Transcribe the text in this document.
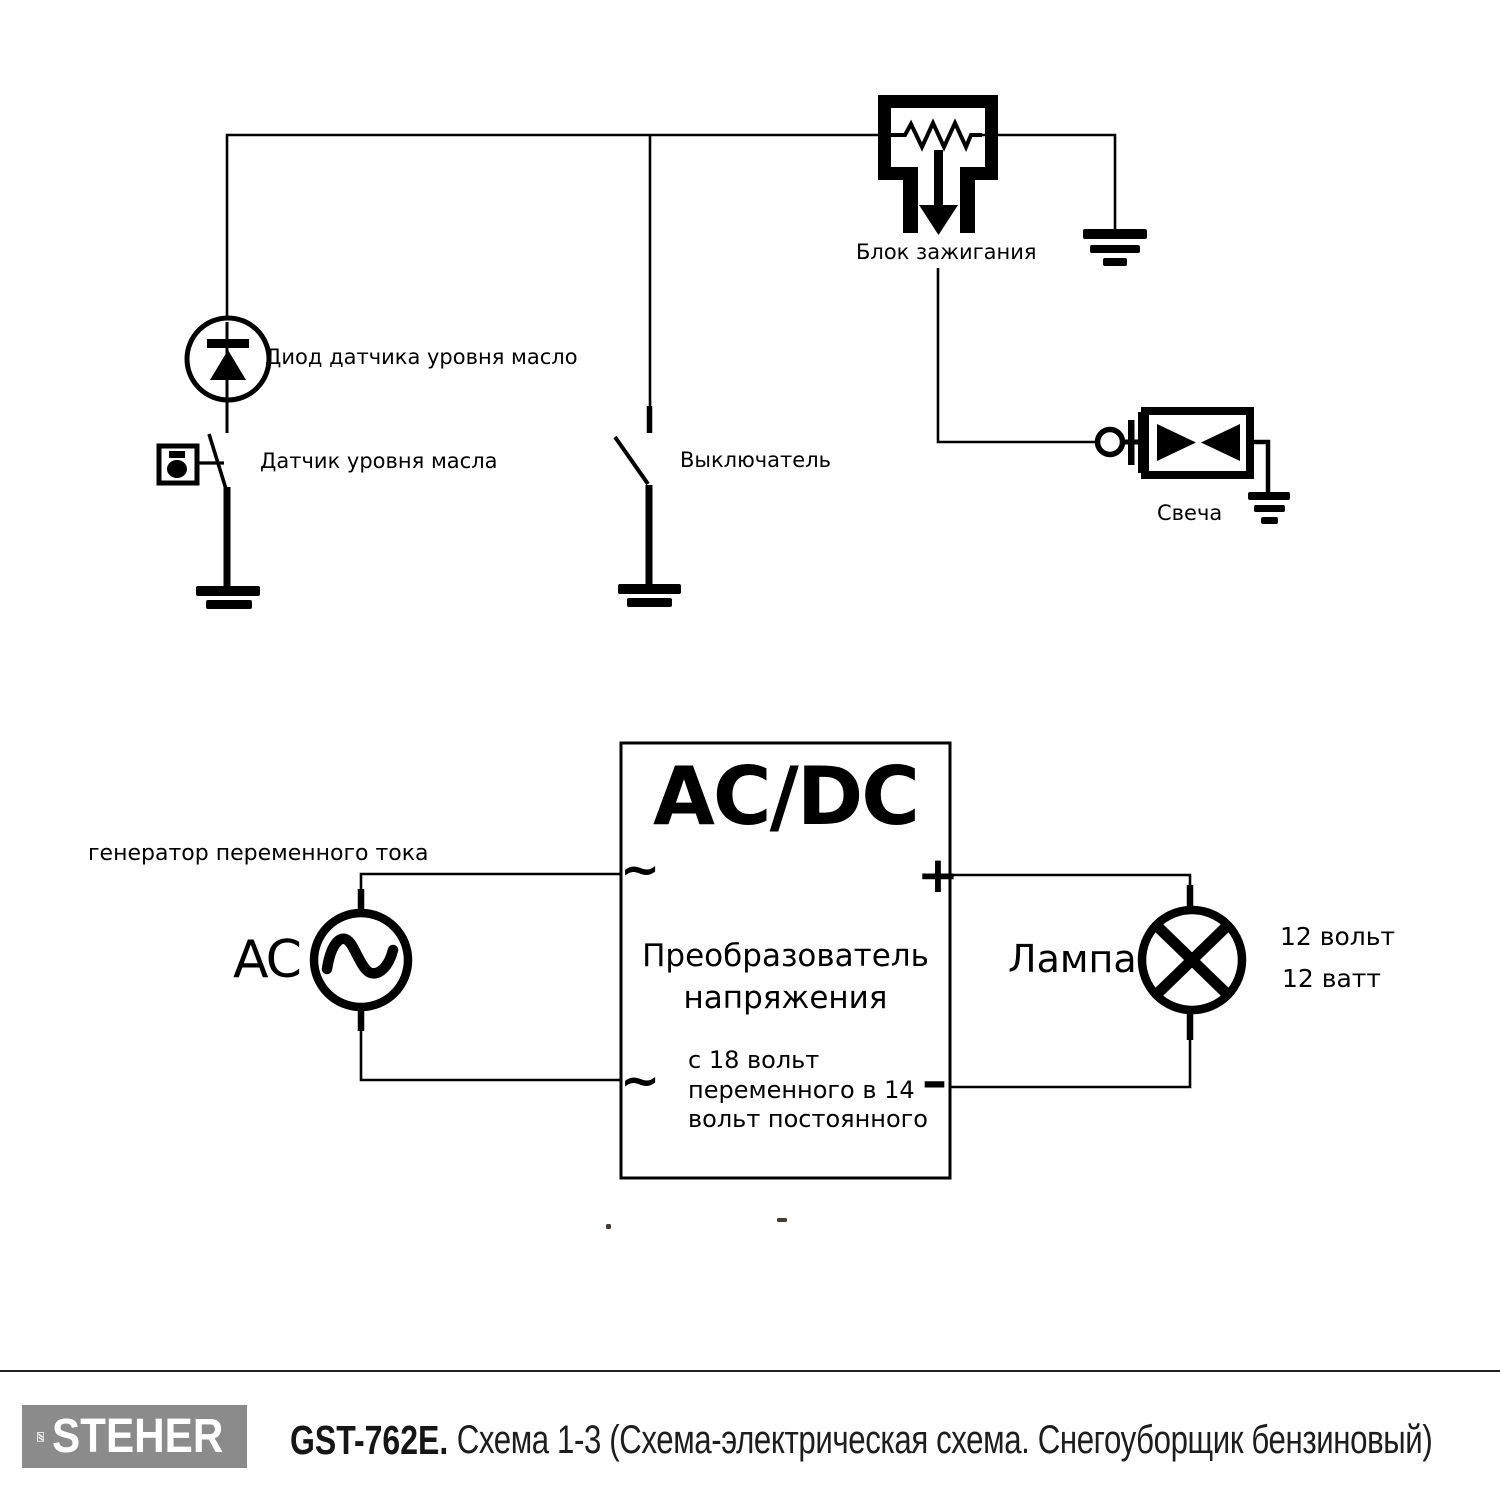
Диод датчика уровня масло
Датчик уровня масла	Выключатель
Блок зажигания
Свеча
генератор переменного тока
AC
AC/DC
Преобразователь
напряжения
с 18 вольт
переменного в 14
вольт постоянного
~	+
~	–
Лампа
12 вольт
12 ватт
STEHER GST-762E. Схема 1-3 (Схема-электрическая схема. Снегоуборщик бензиновый)
